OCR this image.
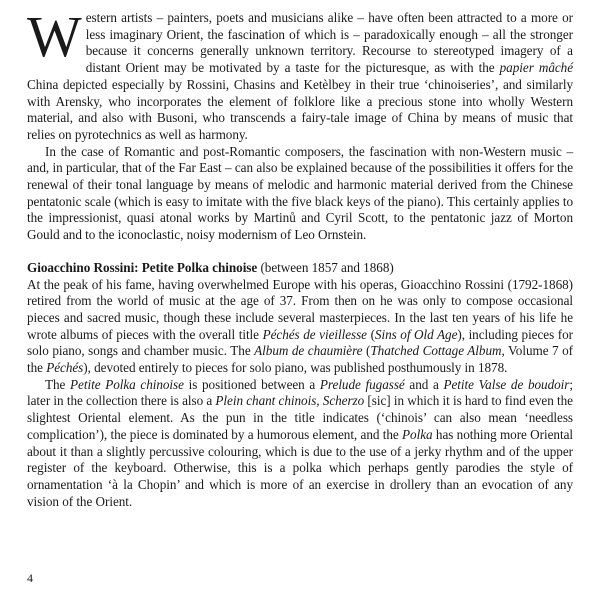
Western artists – painters, poets and musicians alike – have often been attracted to a more or less imaginary Orient, the fascination of which is – paradoxically enough – all the stronger because it concerns generally unknown territory. Recourse to stereotyped imagery of a distant Orient may be motivated by a taste for the picturesque, as with the papier mâché China depicted especially by Rossini, Chasins and Ketèlbey in their true ‘chinoiseries’, and similarly with Arensky, who incorporates the element of folklore like a precious stone into wholly Western material, and also with Busoni, who transcends a fairy-tale image of China by means of music that relies on pyrotechnics as well as harmony.

In the case of Romantic and post-Romantic composers, the fascination with non-Western music – and, in particular, that of the Far East – can also be explained because of the possibilities it offers for the renewal of their tonal language by means of melodic and harmonic material derived from the Chinese pentatonic scale (which is easy to imitate with the five black keys of the piano). This certainly applies to the impressionist, quasi atonal works by Martinů and Cyril Scott, to the pentatonic jazz of Morton Gould and to the iconoclastic, noisy modernism of Leo Ornstein.

Gioacchino Rossini: Petite Polka chinoise (between 1857 and 1868)

At the peak of his fame, having overwhelmed Europe with his operas, Gioacchino Rossini (1792-1868) retired from the world of music at the age of 37. From then on he was only to compose occasional pieces and sacred music, though these include several masterpieces. In the last ten years of his life he wrote albums of pieces with the overall title Péchés de vieillesse (Sins of Old Age), including pieces for solo piano, songs and chamber music. The Album de chaumière (Thatched Cottage Album, Volume 7 of the Péchés), devoted entirely to pieces for solo piano, was published posthumously in 1878.

The Petite Polka chinoise is positioned between a Prelude fugassé and a Petite Valse de boudoir; later in the collection there is also a Plein chant chinois, Scherzo [sic] in which it is hard to find even the slightest Oriental element. As the pun in the title indicates (‘chinois’ can also mean ‘needless complication’), the piece is dominated by a humorous element, and the Polka has nothing more Oriental about it than a slightly percussive colouring, which is due to the use of a jerky rhythm and of the upper register of the keyboard. Otherwise, this is a polka which perhaps gently parodies the style of ornamentation ‘à la Chopin’ and which is more of an exercise in drollery than an evocation of any vision of the Orient.

4
